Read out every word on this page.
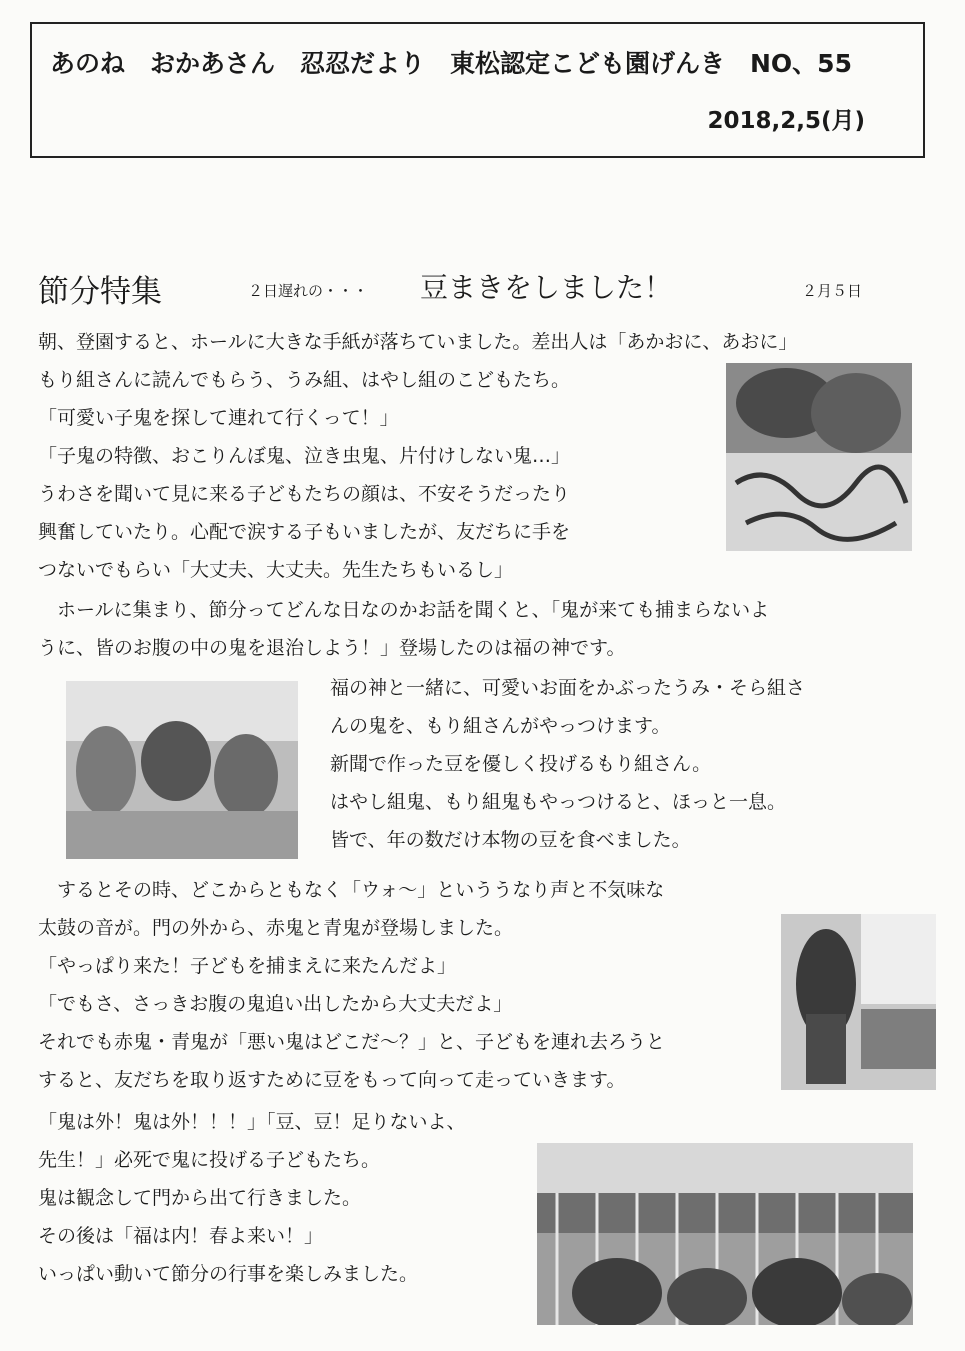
あのね　おかあさん　忍忍だより　東松認定こども園げんき　NO、55
2018,2,5(月)
節分特集	２日遅れの・・・ 豆まきをしました！	２月５日
朝、登園すると、ホールに大きな手紙が落ちていました。差出人は「あかおに、あおに」
もり組さんに読んでもらう、うみ組、はやし組のこどもたち。
「可愛い子鬼を探して連れて行くって！」
「子鬼の特徴、おこりんぼ鬼、泣き虫鬼、片付けしない鬼…」
うわさを聞いて見に来る子どもたちの顔は、不安そうだったり
興奮していたり。心配で涙する子もいましたが、友だちに手を
つないでもらい「大丈夫、大丈夫。先生たちもいるし」
　ホールに集まり、節分ってどんな日なのかお話を聞くと、「鬼が来ても捕まらないよ
うに、皆のお腹の中の鬼を退治しよう！」登場したのは福の神です。
福の神と一緒に、可愛いお面をかぶったうみ・そら組さ
んの鬼を、もり組さんがやっつけます。
新聞で作った豆を優しく投げるもり組さん。
はやし組鬼、もり組鬼もやっつけると、ほっと一息。
皆で、年の数だけ本物の豆を食べました。
　するとその時、どこからともなく「ウォ～」といううなり声と不気味な
太鼓の音が。門の外から、赤鬼と青鬼が登場しました。
「やっぱり来た！子どもを捕まえに来たんだよ」
「でもさ、さっきお腹の鬼追い出したから大丈夫だよ」
それでも赤鬼・青鬼が「悪い鬼はどこだ～？」と、子どもを連れ去ろうと
すると、友だちを取り返すために豆をもって向って走っていきます。
「鬼は外！鬼は外！！！」「豆、豆！足りないよ、
先生！」必死で鬼に投げる子どもたち。
鬼は観念して門から出て行きました。
その後は「福は内！春よ来い！」
いっぱい動いて節分の行事を楽しみました。
